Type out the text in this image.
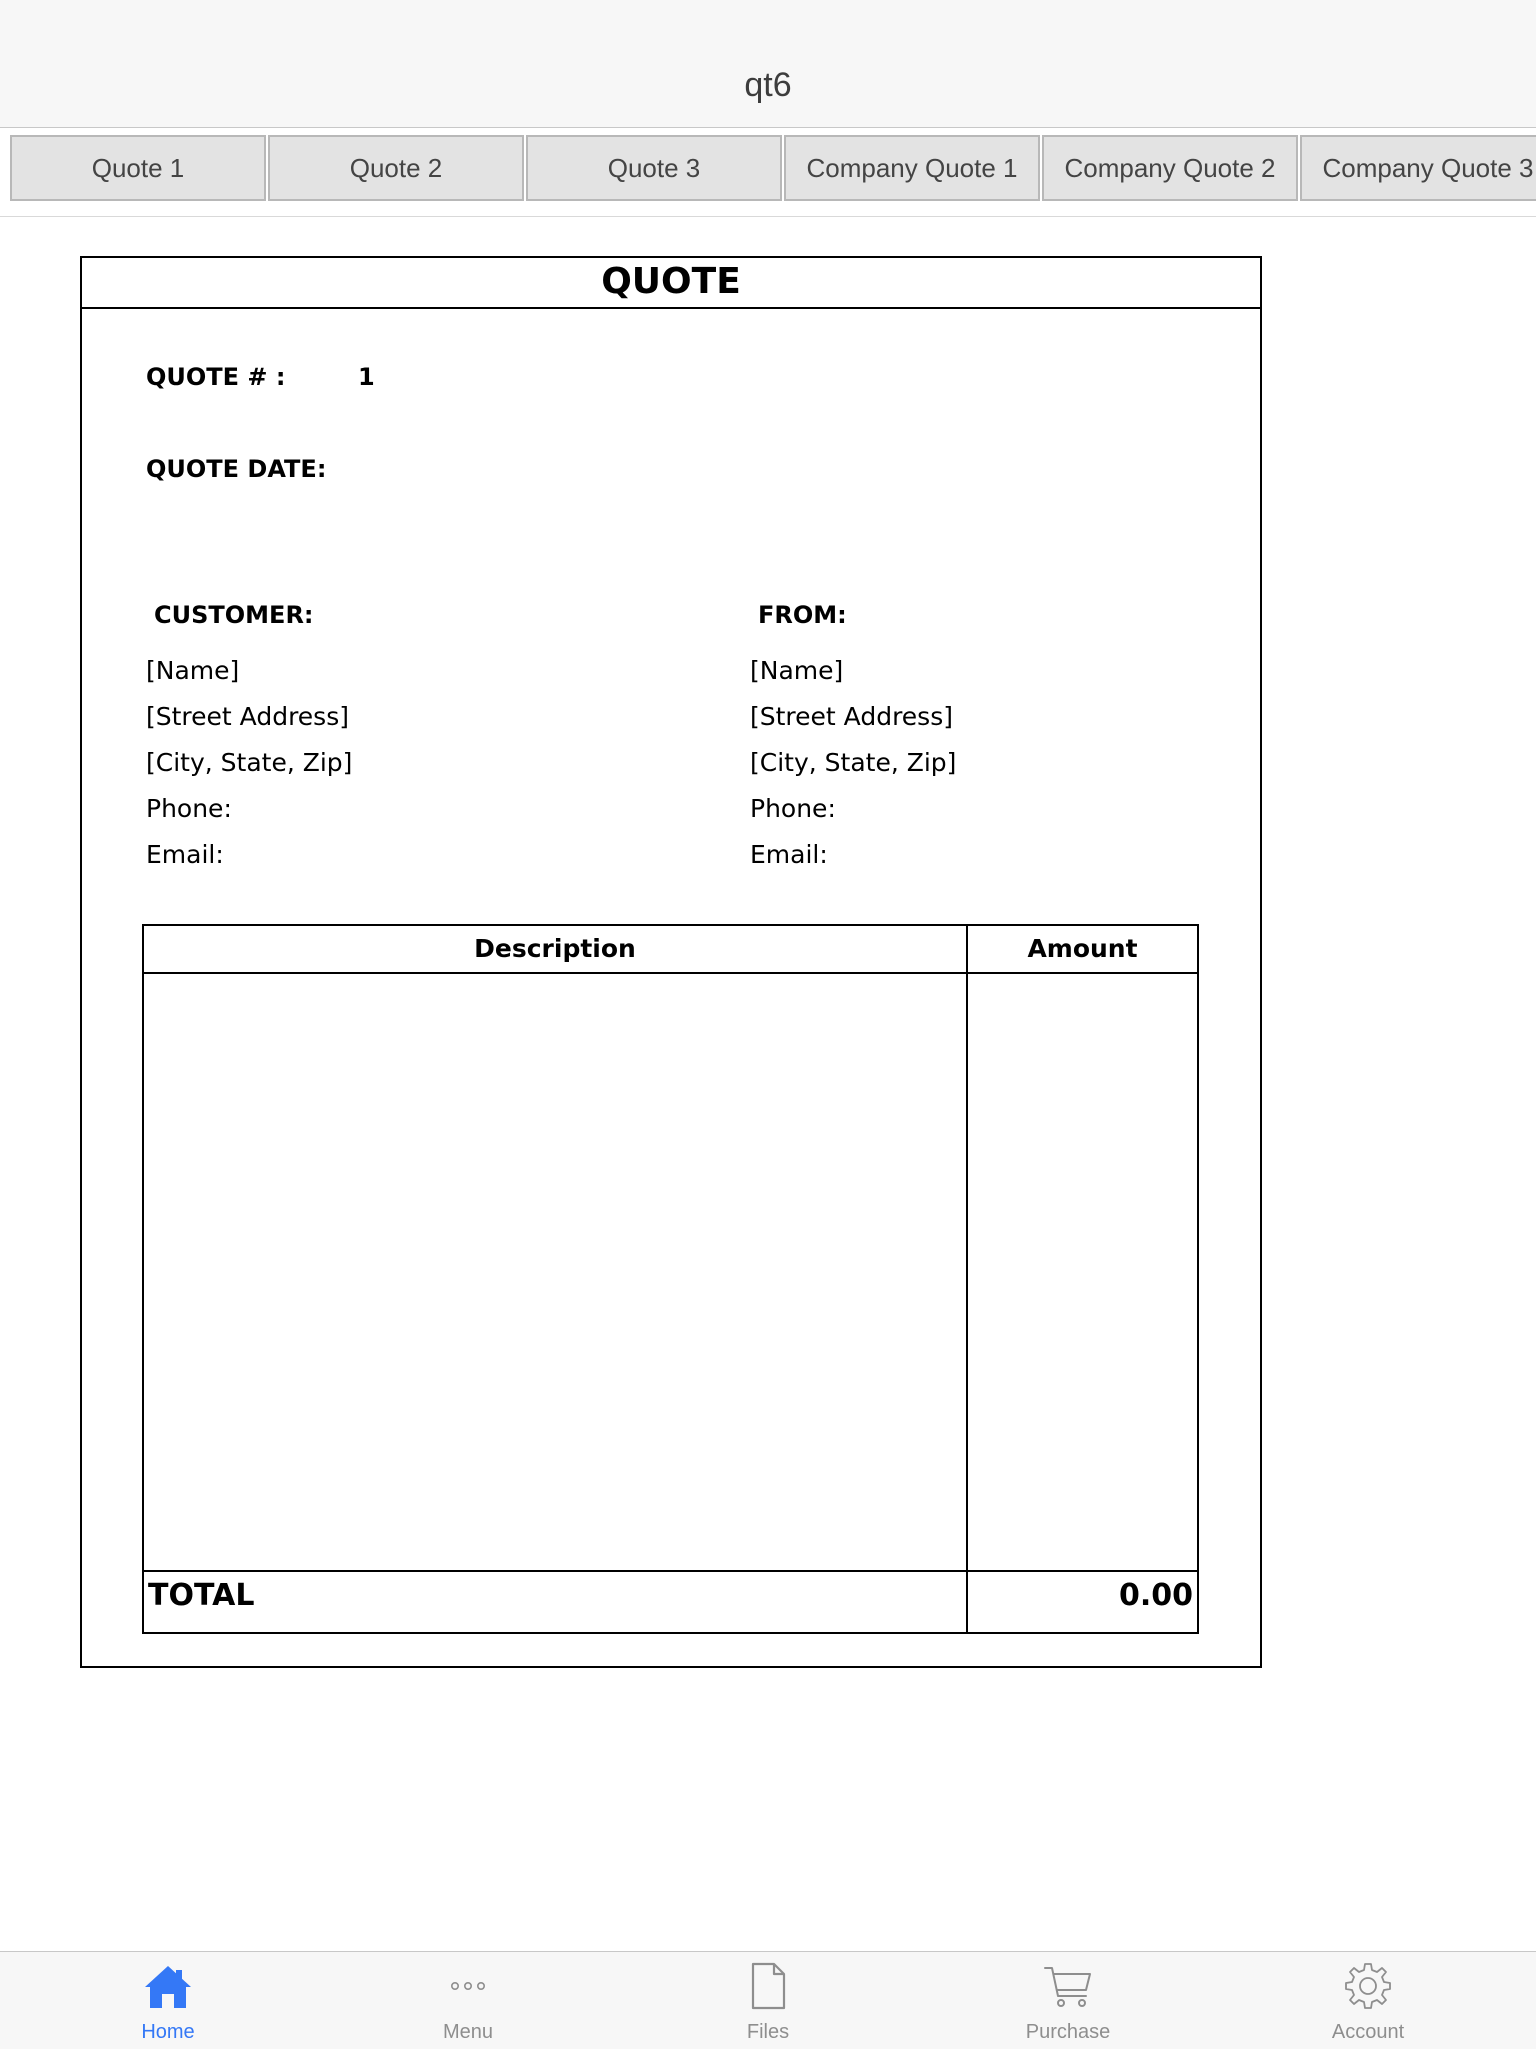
qt6
Quote 1	Quote 2	Quote 3	Company Quote 1	Company Quote 2	Company Quote 3
QUOTE
QUOTE # :	1
QUOTE DATE:
CUSTOMER:
[Name]
[Street Address]
[City, State, Zip]
Phone:
Email:
FROM:
[Name]
[Street Address]
[City, State, Zip]
Phone:
Email:
Description	Amount
TOTAL	0.00
Home	Menu	Files	Purchase	Account
